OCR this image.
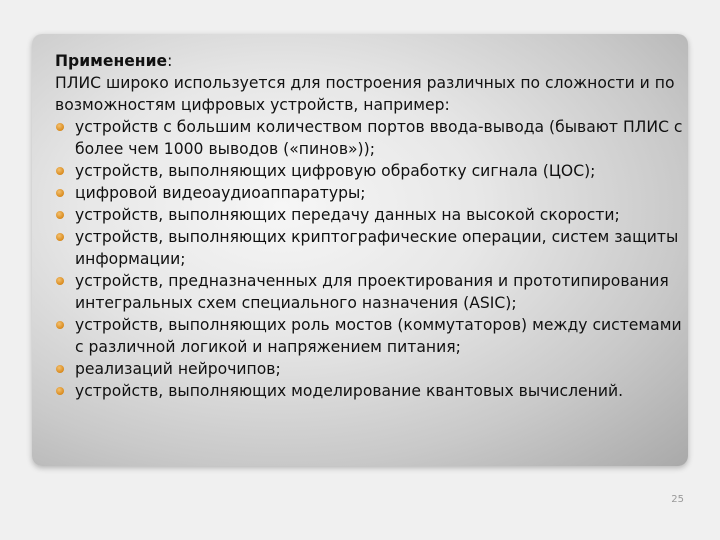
Применение:

ПЛИС широко используется для построения различных по сложности и по возможностям цифровых устройств, например:

устройств с большим количеством портов ввода-вывода (бывают ПЛИС с более чем 1000 выводов («пинов»));
устройств, выполняющих цифровую обработку сигнала (ЦОС);
цифровой видеоаудиоаппаратуры;
устройств, выполняющих передачу данных на высокой скорости;
устройств, выполняющих криптографические операции, систем защиты информации;
устройств, предназначенных для проектирования и прототипирования интегральных схем специального назначения (ASIC);
устройств, выполняющих роль мостов (коммутаторов) между системами с различной логикой и напряжением питания;
реализаций нейрочипов;
устройств, выполняющих моделирование квантовых вычислений.
25
